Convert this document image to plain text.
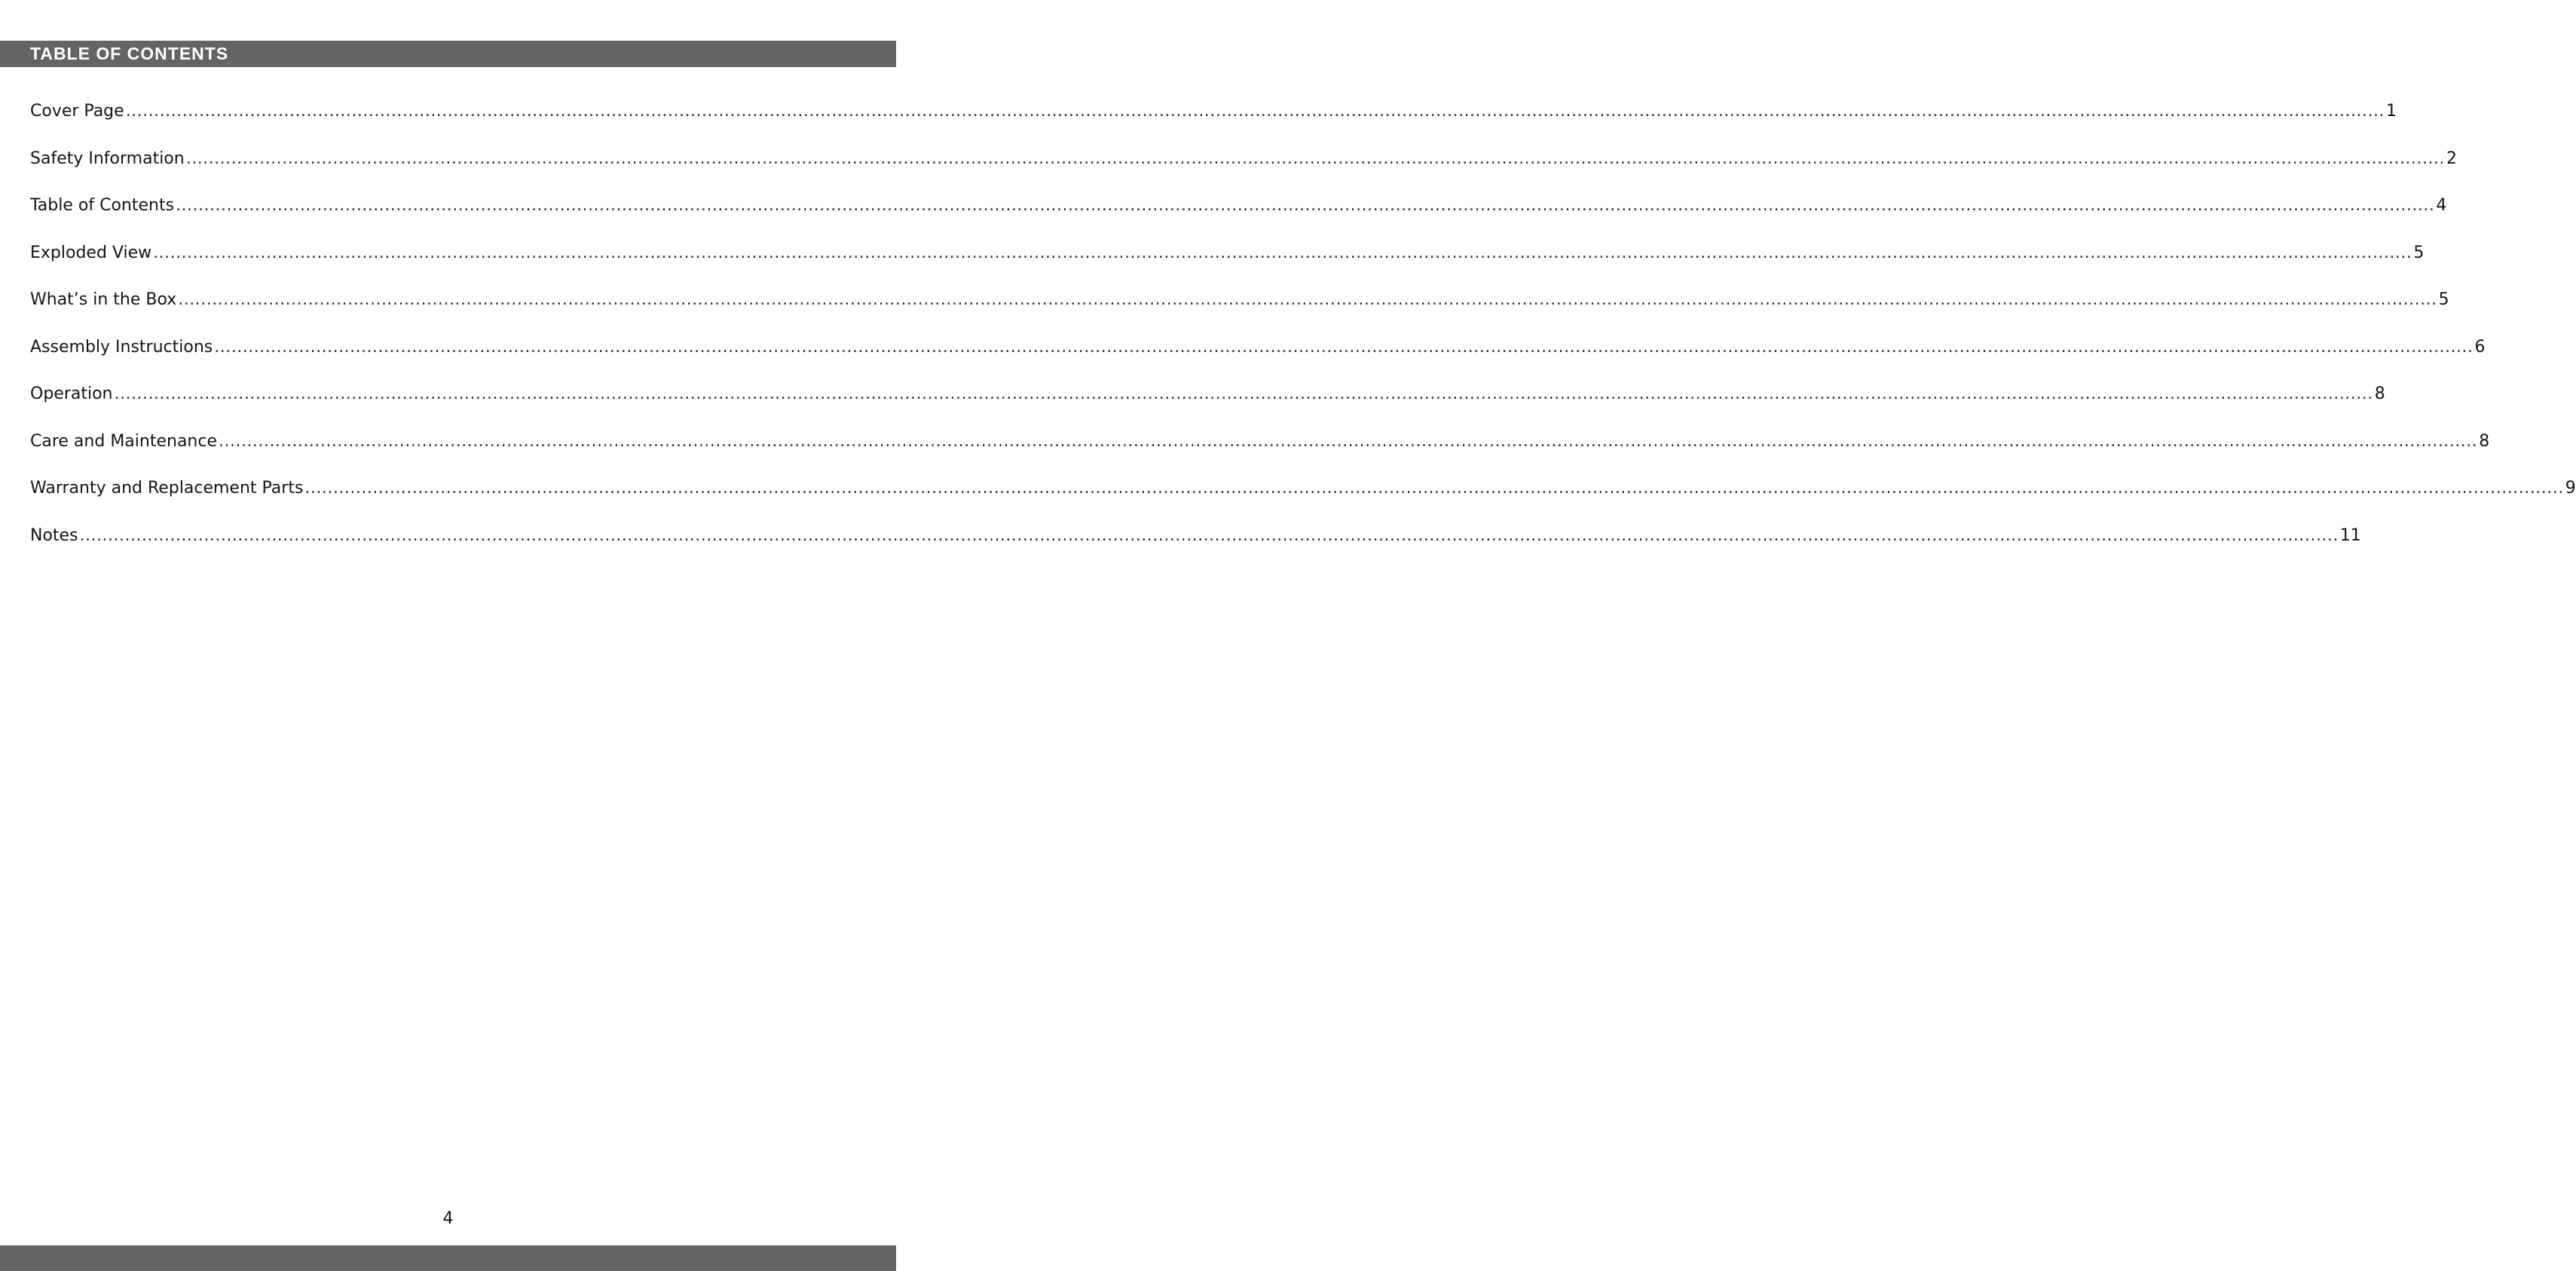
TABLE OF CONTENTS
Cover Page ................................................................................................................................................................................................................................................................................................................................................................................................................ 1
Safety Information ................................................................................................................................................................................................................................................................................................................................................................................................................ 2
Table of Contents ................................................................................................................................................................................................................................................................................................................................................................................................................ 4
Exploded View ................................................................................................................................................................................................................................................................................................................................................................................................................ 5
What’s in the Box ................................................................................................................................................................................................................................................................................................................................................................................................................ 5
Assembly Instructions ................................................................................................................................................................................................................................................................................................................................................................................................................ 6
Operation ................................................................................................................................................................................................................................................................................................................................................................................................................ 8
Care and Maintenance ................................................................................................................................................................................................................................................................................................................................................................................................................ 8
Warranty and Replacement Parts ................................................................................................................................................................................................................................................................................................................................................................................................................ 9
Notes ................................................................................................................................................................................................................................................................................................................................................................................................................ 11
4
